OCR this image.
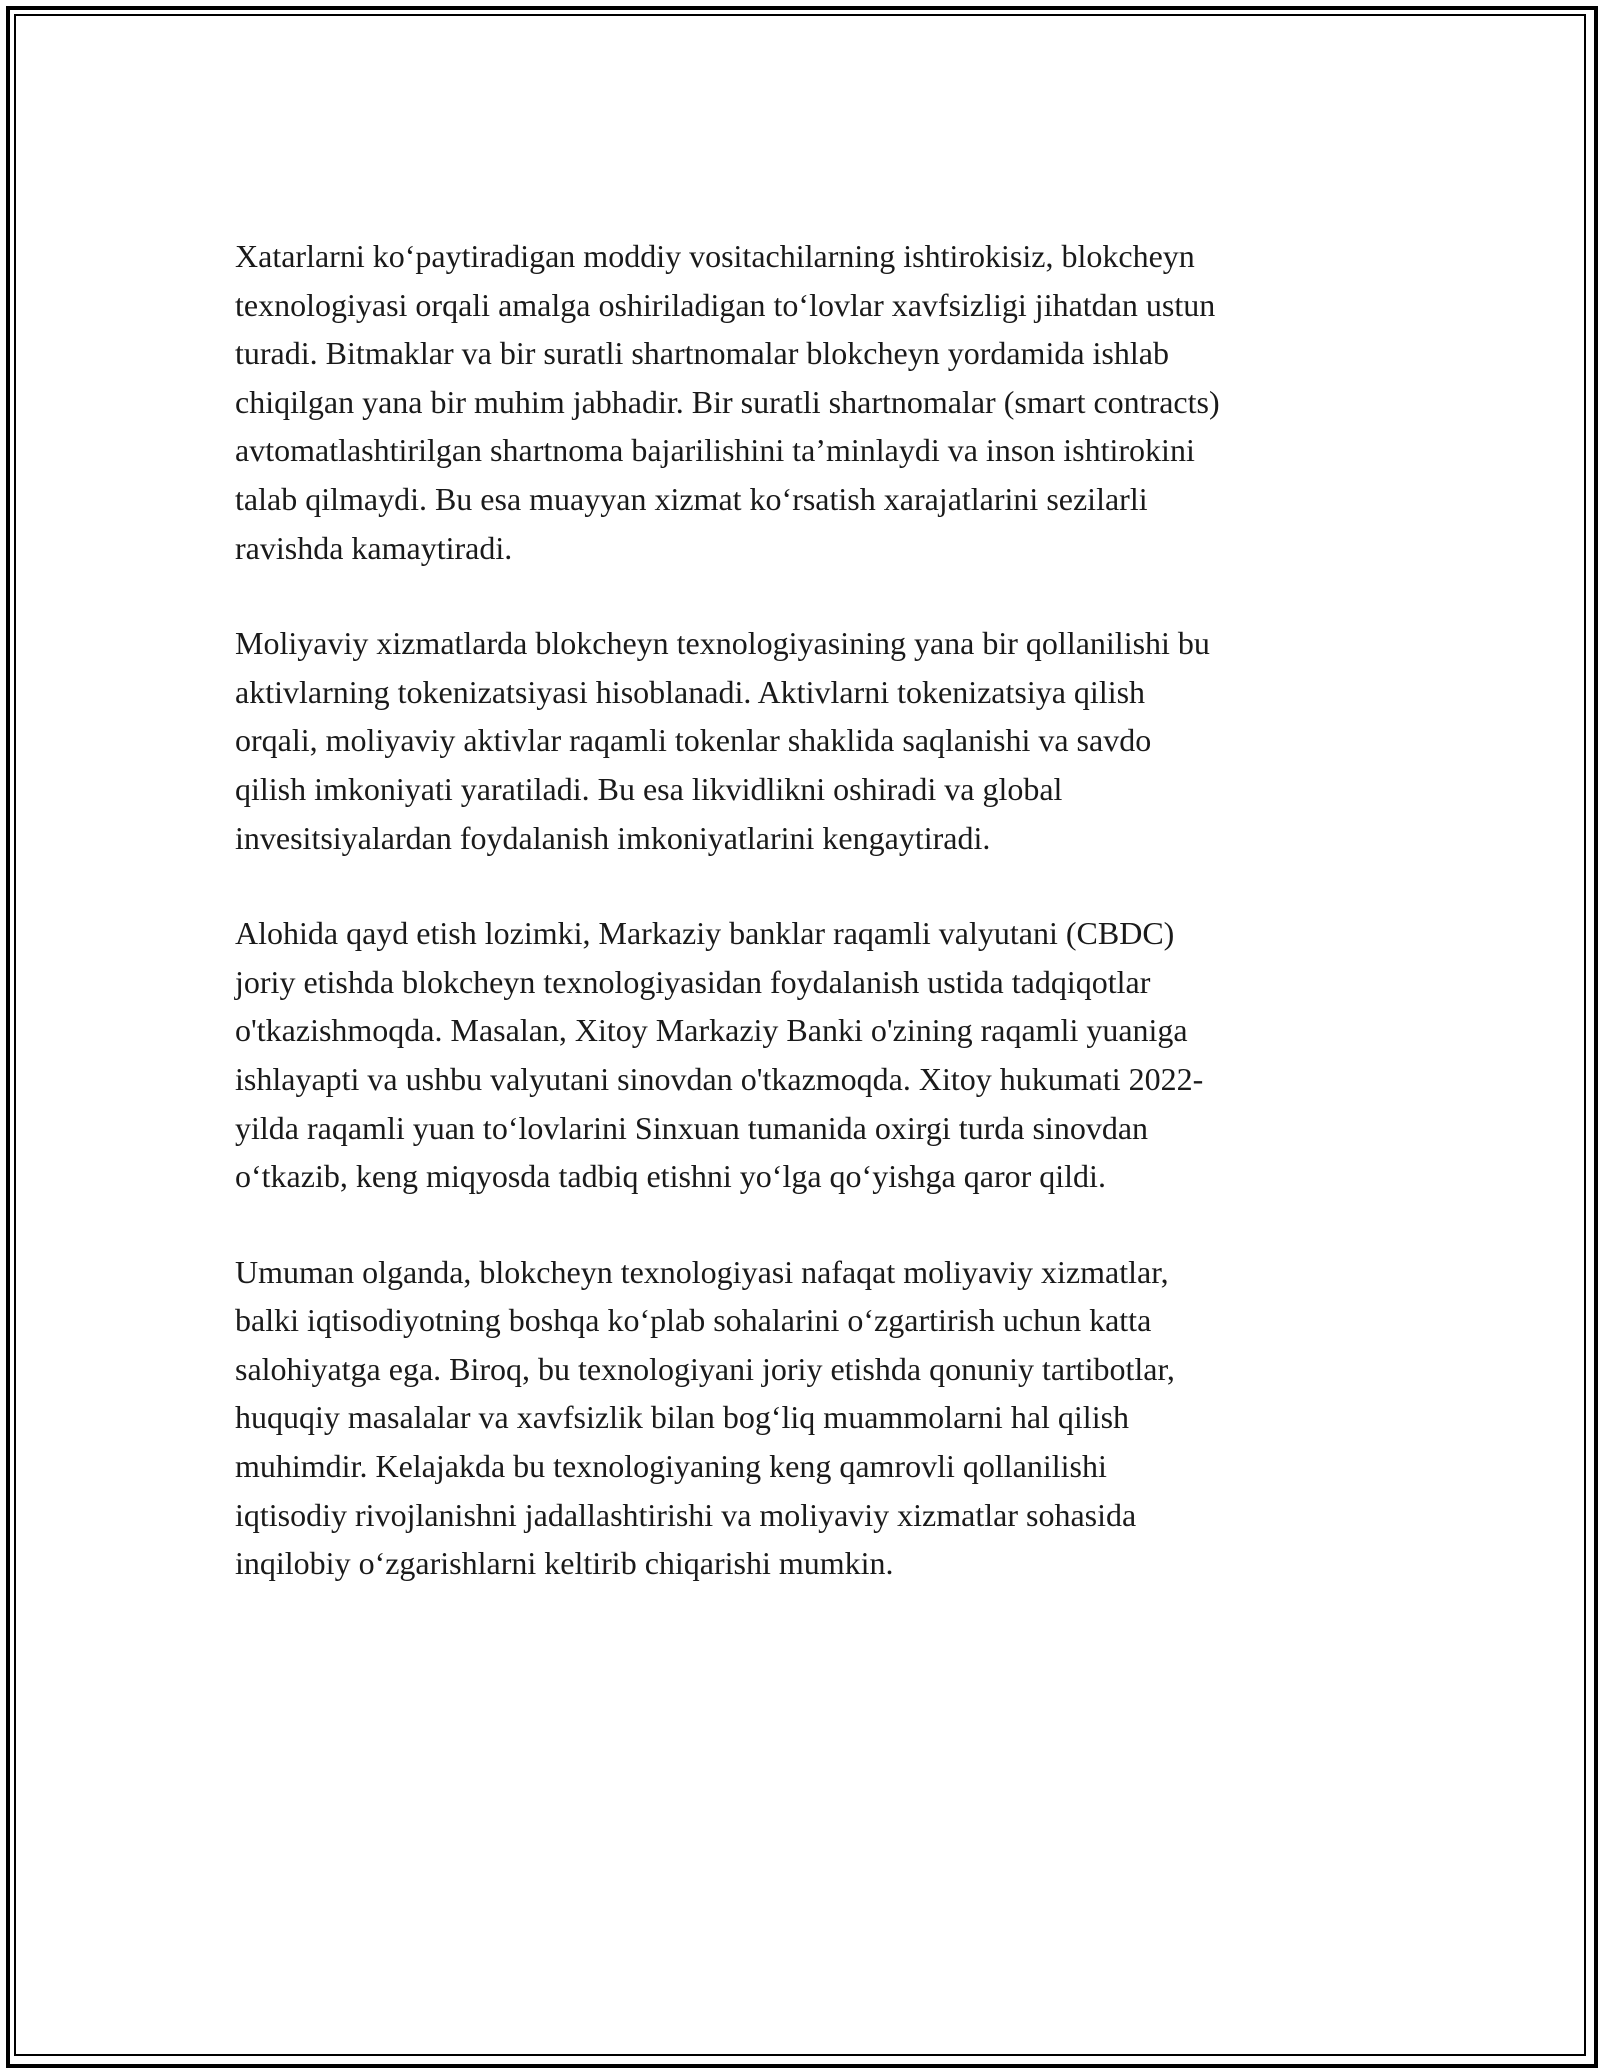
Xatarlarni ko‘paytiradigan moddiy vositachilarning ishtirokisiz, blokcheyn
texnologiyasi orqali amalga oshiriladigan to‘lovlar xavfsizligi jihatdan ustun
turadi. Bitmaklar va bir suratli shartnomalar blokcheyn yordamida ishlab
chiqilgan yana bir muhim jabhadir. Bir suratli shartnomalar (smart contracts)
avtomatlashtirilgan shartnoma bajarilishini ta’minlaydi va inson ishtirokini
talab qilmaydi. Bu esa muayyan xizmat ko‘rsatish xarajatlarini sezilarli
ravishda kamaytiradi.

Moliyaviy xizmatlarda blokcheyn texnologiyasining yana bir qollanilishi bu
aktivlarning tokenizatsiyasi hisoblanadi. Aktivlarni tokenizatsiya qilish
orqali, moliyaviy aktivlar raqamli tokenlar shaklida saqlanishi va savdo
qilish imkoniyati yaratiladi. Bu esa likvidlikni oshiradi va global
invesitsiyalardan foydalanish imkoniyatlarini kengaytiradi.

Alohida qayd etish lozimki, Markaziy banklar raqamli valyutani (CBDC)
joriy etishda blokcheyn texnologiyasidan foydalanish ustida tadqiqotlar
o'tkazishmoqda. Masalan, Xitoy Markaziy Banki o'zining raqamli yuaniga
ishlayapti va ushbu valyutani sinovdan o'tkazmoqda. Xitoy hukumati 2022-
yilda raqamli yuan to‘lovlarini Sinxuan tumanida oxirgi turda sinovdan
o‘tkazib, keng miqyosda tadbiq etishni yo‘lga qo‘yishga qaror qildi.

Umuman olganda, blokcheyn texnologiyasi nafaqat moliyaviy xizmatlar,
balki iqtisodiyotning boshqa ko‘plab sohalarini o‘zgartirish uchun katta
salohiyatga ega. Biroq, bu texnologiyani joriy etishda qonuniy tartibotlar,
huquqiy masalalar va xavfsizlik bilan bog‘liq muammolarni hal qilish
muhimdir. Kelajakda bu texnologiyaning keng qamrovli qollanilishi
iqtisodiy rivojlanishni jadallashtirishi va moliyaviy xizmatlar sohasida
inqilobiy o‘zgarishlarni keltirib chiqarishi mumkin.
